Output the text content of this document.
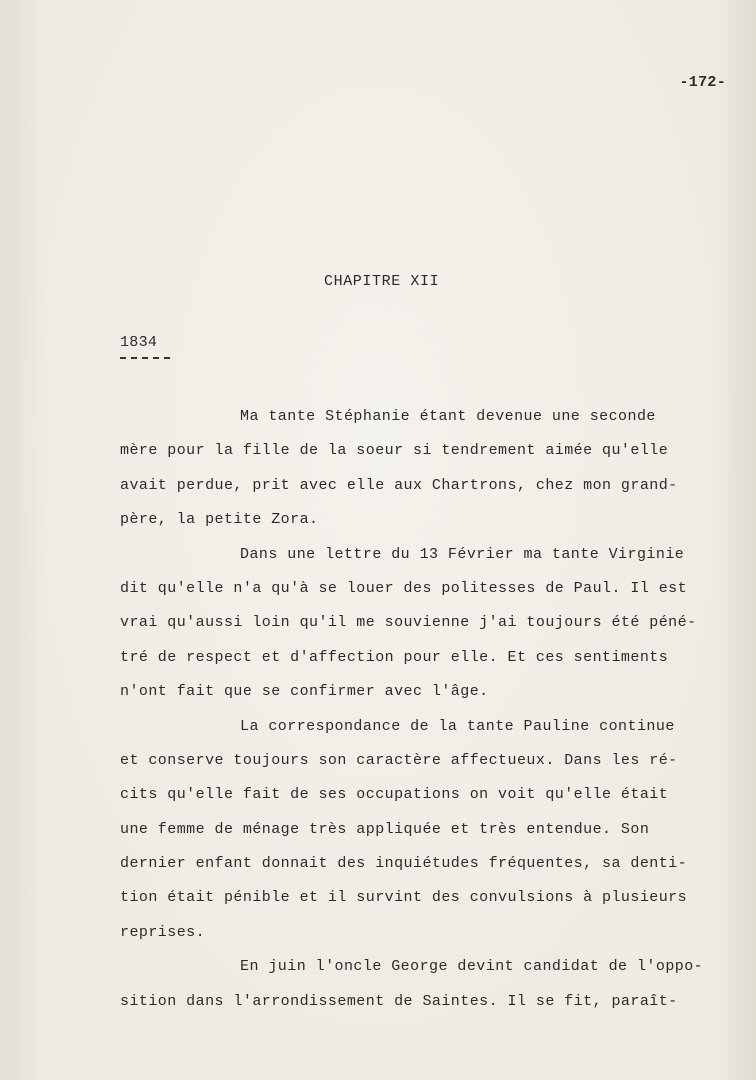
-172-
CHAPITRE XII
1834
Ma tante Stéphanie étant devenue une seconde
mère pour la fille de la soeur si tendrement aimée qu'elle
avait perdue, prit avec elle aux Chartrons, chez mon grand-
père, la petite Zora.
Dans une lettre du 13 Février ma tante Virginie
dit qu'elle n'a qu'à se louer des politesses de Paul. Il est
vrai qu'aussi loin qu'il me souvienne j'ai toujours été péné-
tré de respect et d'affection pour elle. Et ces sentiments
n'ont fait que se confirmer avec l'âge.
La correspondance de la tante Pauline continue
et conserve toujours son caractère affectueux. Dans les ré-
cits qu'elle fait de ses occupations on voit qu'elle était
une femme de ménage très appliquée et très entendue. Son
dernier enfant donnait des inquiétudes fréquentes, sa denti-
tion était pénible et il survint des convulsions à plusieurs
reprises.
En juin l'oncle George devint candidat de l'oppo-
sition dans l'arrondissement de Saintes. Il se fit, paraît-
